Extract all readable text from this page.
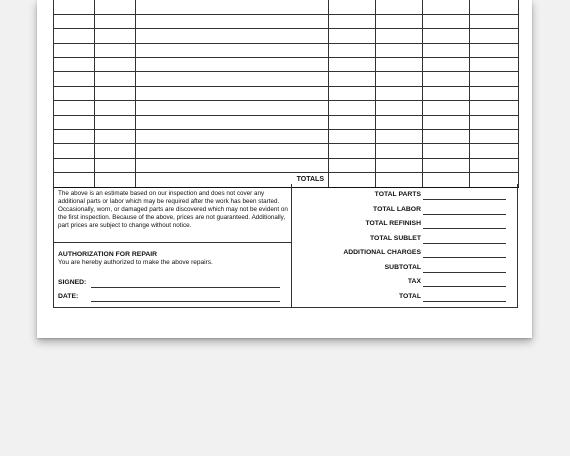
		TOTALS				

The above is an estimate based on our inspection and does not cover any additional parts or labor which may be required after the work has been started. Occasionally, worn, or damaged parts are discovered which may not be evident on the first inspection. Because of the above, prices are not guaranteed. Additionally, part prices are subject to change without notice.

AUTHORIZATION FOR REPAIR
You are hereby authorized to make the above repairs.
SIGNED:
DATE:
TOTAL PARTS
TOTAL LABOR
TOTAL REFINISH
TOTAL SUBLET
ADDITIONAL CHARGES
SUBTOTAL
TAX
TOTAL
